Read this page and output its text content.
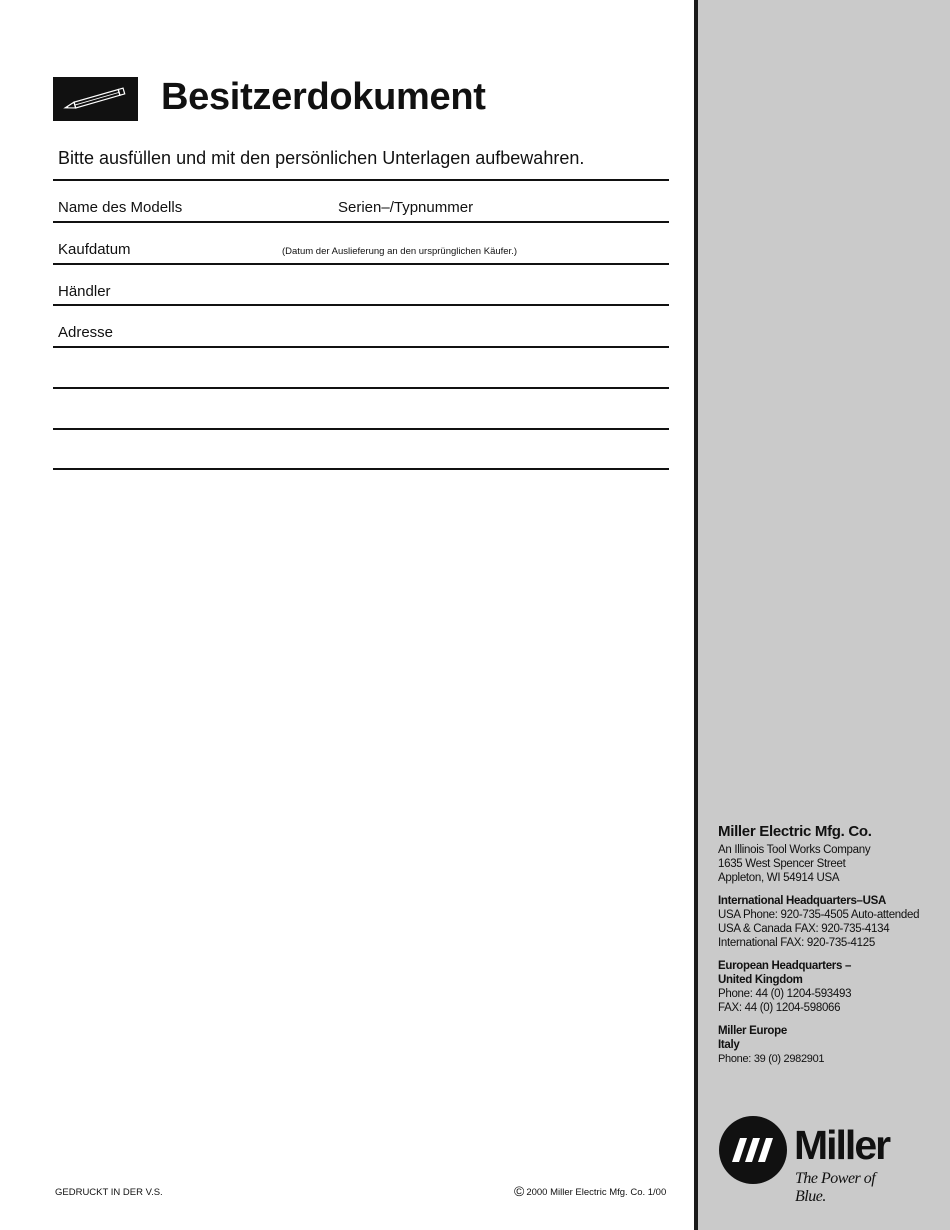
Besitzerdokument
Bitte ausfüllen und mit den persönlichen Unterlagen aufbewahren.
Name des Modells	Serien–/Typnummer
Kaufdatum	(Datum der Auslieferung an den ursprünglichen Käufer.)
Händler
Adresse
GEDRUCKT IN DER V.S.	© 2000 Miller Electric Mfg. Co. 1/00
Miller Electric Mfg. Co.
An Illinois Tool Works Company
1635 West Spencer Street
Appleton, WI 54914 USA
International Headquarters–USA
USA Phone: 920-735-4505 Auto-attended
USA & Canada FAX: 920-735-4134
International FAX: 920-735-4125
European Headquarters –
United Kingdom
Phone: 44 (0) 1204-593493
FAX: 44 (0) 1204-598066
Miller Europe
Italy
Phone: 39 (0) 2982901
Miller
The Power of Blue.
